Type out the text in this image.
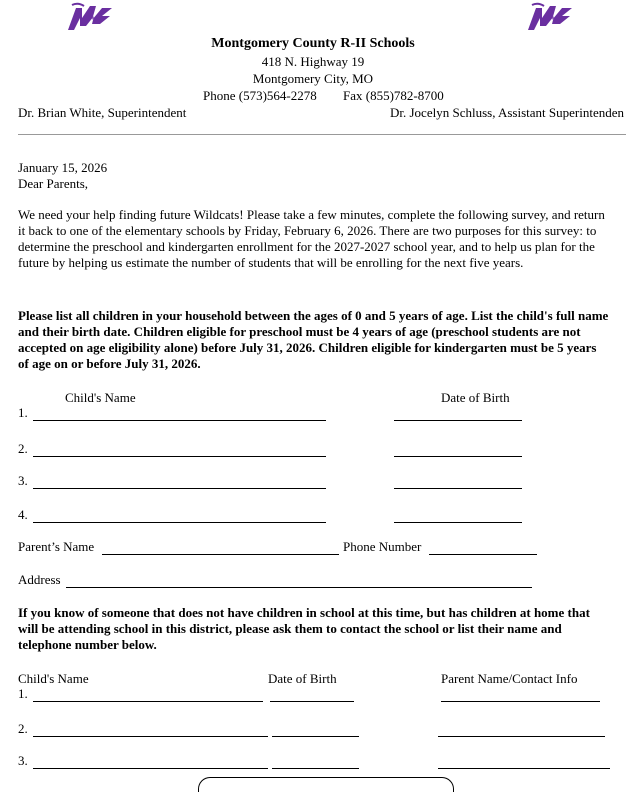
Montgomery County R-II Schools
418 N. Highway 19
Montgomery City, MO
Phone (573)564-2278 Fax (855)782-8700
Dr. Brian White, Superintendent	Dr. Jocelyn Schluss, Assistant Superintenden
January 15, 2026
Dear Parents,
We need your help finding future Wildcats! Please take a few minutes, complete the following survey, and return it back to one of the elementary schools by Friday, February 6, 2026. There are two purposes for this survey: to determine the preschool and kindergarten enrollment for the 2027-2027 school year, and to help us plan for the future by helping us estimate the number of students that will be enrolling for the next five years.
Please list all children in your household between the ages of 0 and 5 years of age. List the child's full name and their birth date. Children eligible for preschool must be 4 years of age (preschool students are not accepted on age eligibility alone) before July 31, 2026. Children eligible for kindergarten must be 5 years of age on or before July 31, 2026.
Child's Name	Date of Birth
1.
2.
3.
4.
Parent’s Name	Phone Number
Address
If you know of someone that does not have children in school at this time, but has children at home that will be attending school in this district, please ask them to contact the school or list their name and telephone number below.
Child's Name	Date of Birth	Parent Name/Contact Info
1.
2.
3.
